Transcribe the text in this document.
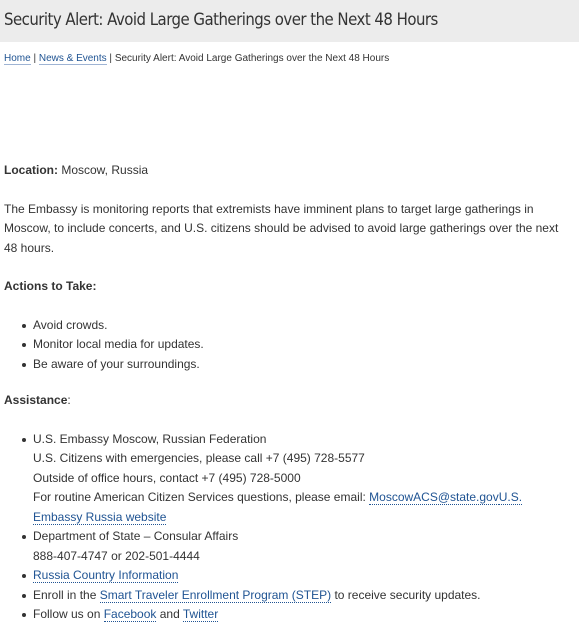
Security Alert: Avoid Large Gatherings over the Next 48 Hours
Home | News & Events | Security Alert: Avoid Large Gatherings over the Next 48 Hours

Location: Moscow, Russia

The Embassy is monitoring reports that extremists have imminent plans to target large gatherings in Moscow, to include concerts, and U.S. citizens should be advised to avoid large gatherings over the next 48 hours.

Actions to Take:

Avoid crowds.
Monitor local media for updates.
Be aware of your surroundings.

Assistance:

U.S. Embassy Moscow, Russian Federation
U.S. Citizens with emergencies, please call +7 (495) 728-5577
Outside of office hours, contact +7 (495) 728-5000
For routine American Citizen Services questions, please email: MoscowACS@state.govU.S. Embassy Russia website
Department of State – Consular Affairs
888-407-4747 or 202-501-4444
Russia Country Information
Enroll in the Smart Traveler Enrollment Program (STEP) to receive security updates.
Follow us on Facebook and Twitter
